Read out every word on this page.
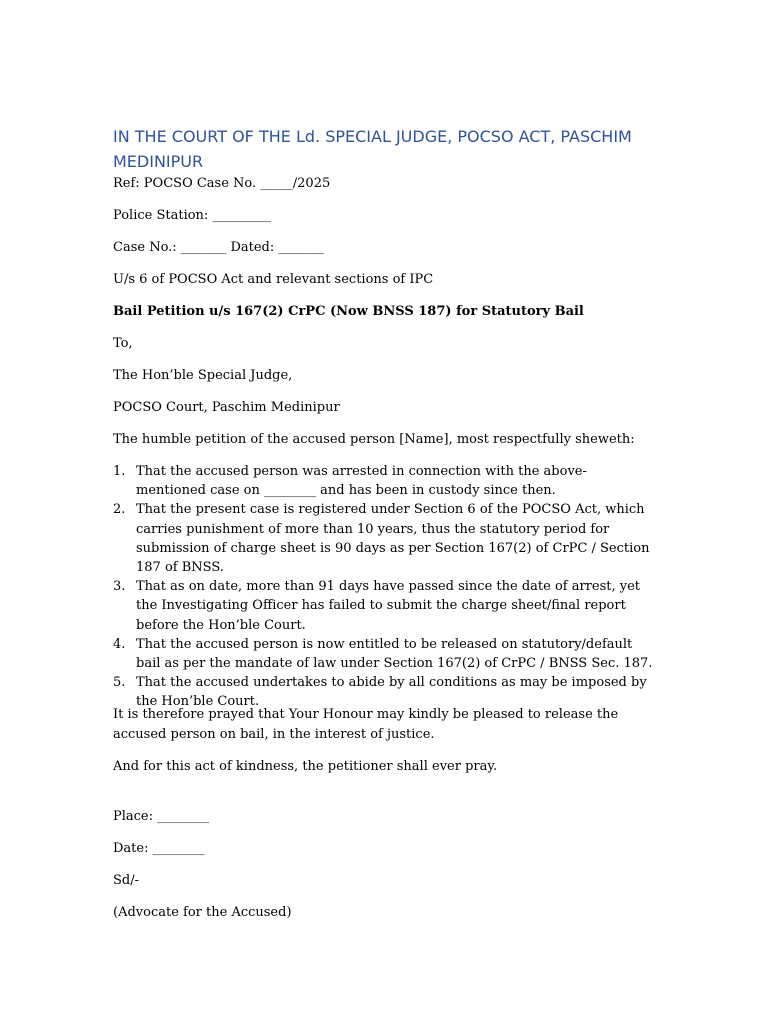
IN THE COURT OF THE Ld. SPECIAL JUDGE, POCSO ACT, PASCHIM MEDINIPUR
Ref: POCSO Case No. _____/2025
Police Station: _________
Case No.: _______ Dated: _______
U/s 6 of POCSO Act and relevant sections of IPC
Bail Petition u/s 167(2) CrPC (Now BNSS 187) for Statutory Bail
To,
The Hon’ble Special Judge,
POCSO Court, Paschim Medinipur
The humble petition of the accused person [Name], most respectfully sheweth:
1. That the accused person was arrested in connection with the above-mentioned case on ________ and has been in custody since then.
2. That the present case is registered under Section 6 of the POCSO Act, which carries punishment of more than 10 years, thus the statutory period for submission of charge sheet is 90 days as per Section 167(2) of CrPC / Section 187 of BNSS.
3. That as on date, more than 91 days have passed since the date of arrest, yet the Investigating Officer has failed to submit the charge sheet/final report before the Hon’ble Court.
4. That the accused person is now entitled to be released on statutory/default bail as per the mandate of law under Section 167(2) of CrPC / BNSS Sec. 187.
5. That the accused undertakes to abide by all conditions as may be imposed by the Hon’ble Court.

It is therefore prayed that Your Honour may kindly be pleased to release the accused person on bail, in the interest of justice.

And for this act of kindness, the petitioner shall ever pray.
Place: ________
Date: ________
Sd/-
(Advocate for the Accused)
